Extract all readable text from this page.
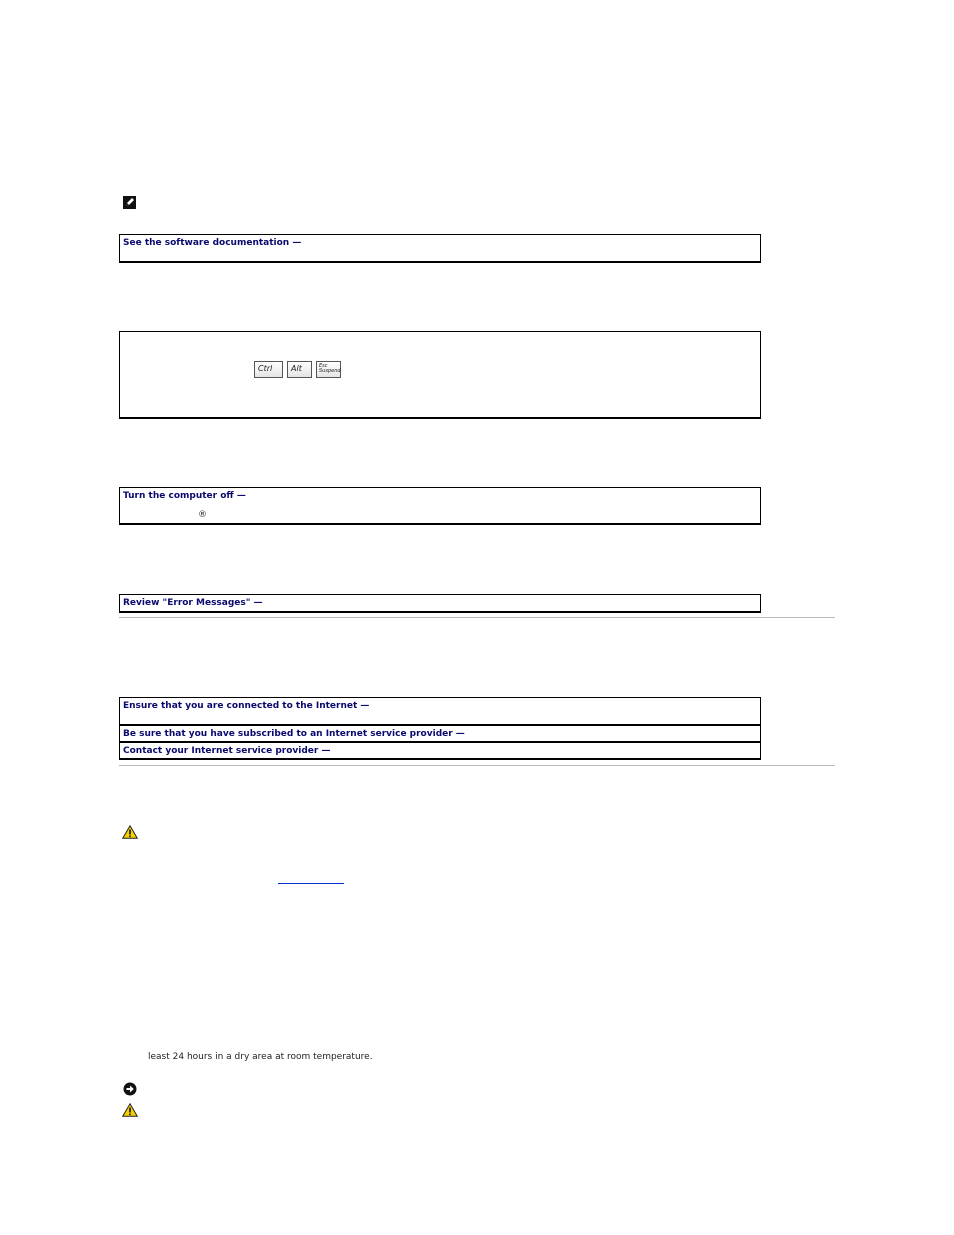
See the software documentation —
Ctrl	Alt	Esc
Suspend
Turn the computer off —
®
Review "Error Messages" —
Ensure that you are connected to the Internet —
Be sure that you have subscribed to an Internet service provider —
Contact your Internet service provider —
least 24 hours in a dry area at room temperature.
